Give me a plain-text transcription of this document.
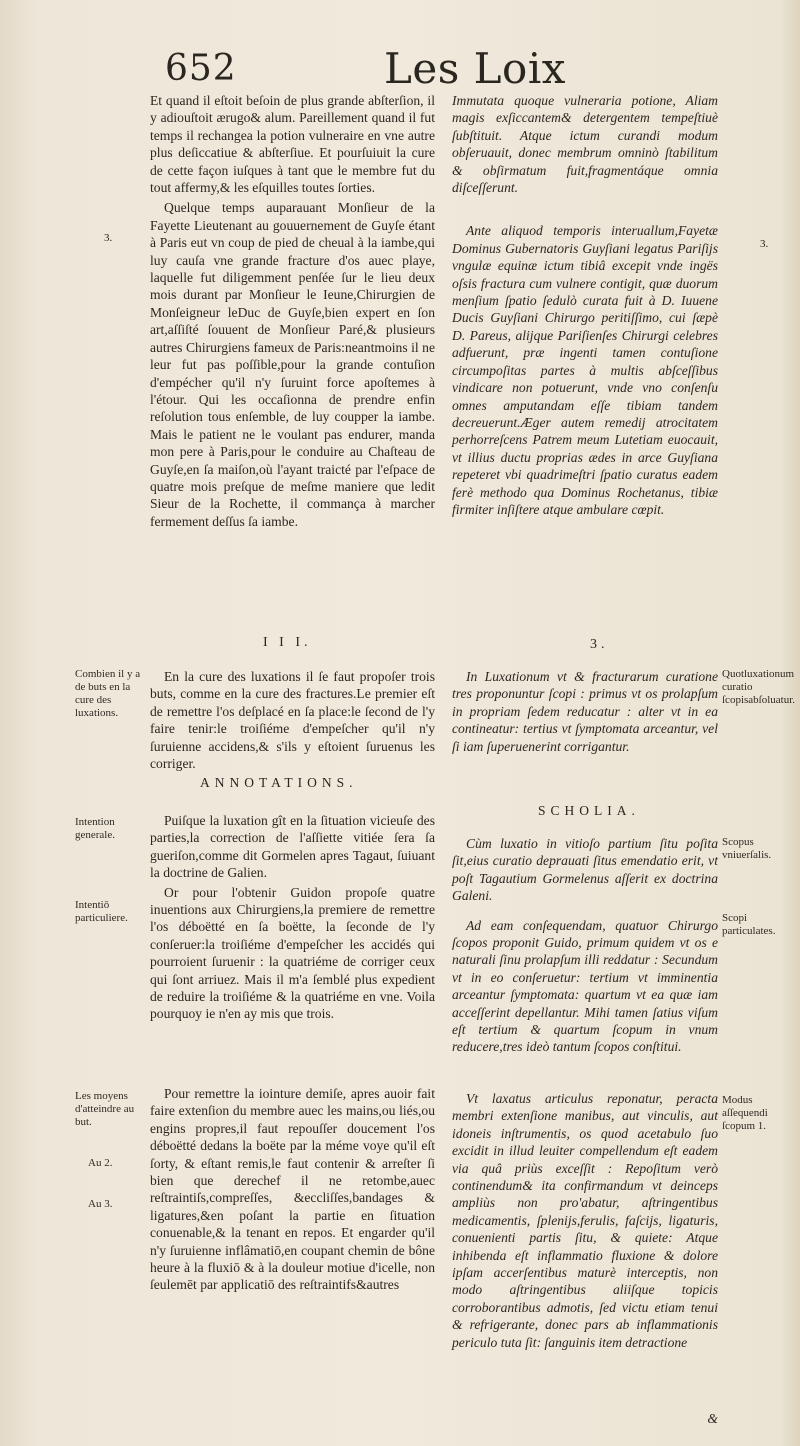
652	Les Loix

Et quand il eſtoit beſoin de plus grande abſterſion, il y adiouſtoit ærugo& alum. Pareillement quand il fut temps il rechangea la potion vulneraire en vne autre plus deſiccatiue & abſterſiue. Et pourſuiuit la cure de cette façon iuſques à tant que le membre fut du tout affermy,& les eſquilles toutes ſorties.

Quelque temps auparauant Monſieur de la Fayette Lieutenant au gouuernement de Guyſe étant à Paris eut vn coup de pied de cheual à la iambe,qui luy cauſa vne grande fracture d'os auec playe, laquelle fut diligemment penſée ſur le lieu deux mois durant par Monſieur le Ieune,Chirurgien de Monſeigneur leDuc de Guyſe,bien expert en ſon art,aſſiſté ſouuent de Monſieur Paré,& plusieurs autres Chirurgiens fameux de Paris:neantmoins il ne leur fut pas poſſible,pour la grande contuſion d'empécher qu'il n'y ſuruint force apoſtemes à l'étour. Qui les occaſionna de prendre enfin reſolution tous enſemble, de luy coupper la iambe. Mais le patient ne le voulant pas endurer, manda mon pere à Paris,pour le conduire au Chaſteau de Guyſe,en ſa maiſon,où l'ayant traicté par l'eſpace de quatre mois preſque de meſme maniere que ledit Sieur de la Rochette, il commança à marcher fermement deſſus ſa iambe.

I I I.

En la cure des luxations il ſe faut propoſer trois buts, comme en la cure des fractures.Le premier eſt de remettre l'os deſplacé en ſa place:le ſecond de l'y faire tenir:le troiſiéme d'empeſcher qu'il n'y ſuruienne accidens,& s'ils y eſtoient ſuruenus les corriger.

ANNOTATIONS.

Puiſque la luxation gît en la ſituation vicieuſe des parties,la correction de l'aſſiette vitiée ſera ſa gueriſon,comme dit Gormelen apres Tagaut, ſuiuant la doctrine de Galien.

Or pour l'obtenir Guidon propoſe quatre inuentions aux Chirurgiens,la premiere de remettre l'os déboëtté en ſa boëtte, la ſeconde de l'y conſeruer:la troiſiéme d'empeſcher les accidés qui pourroient ſuruenir : la quatriéme de corriger ceux qui ſont arriuez. Mais il m'a ſemblé plus expedient de reduire la troiſiéme & la quatriéme en vne. Voila pourquoy ie n'en ay mis que trois.

Pour remettre la iointure demiſe, apres auoir fait faire extenſion du membre auec les mains,ou liés,ou engins propres,il faut repouſſer doucement l'os déboëtté dedans la boëte par la méme voye qu'il eſt ſorty, & eſtant remis,le faut contenir & arreſter ſi bien que derechef il ne retombe,auec reſtraintiſs,compreſſes, &eccliſſes,bandages & ligatures,&en poſant la partie en ſituation conuenable,& la tenant en repos. Et engarder qu'il n'y ſuruienne inflâmatiō,en coupant chemin de bône heure à la fluxiō & à la douleur motiue d'icelle, non ſeulemēt par applicatiō des reſtraintifs&autres

Immutata quoque vulneraria potione, Aliam magis exſiccantem& detergentem tempeſtiuè ſubſtituit. Atque ictum curandi modum obſeruauit, donec membrum omninò ſtabilitum & obſirmatum fuit,fragmentáque omnia diſceſſerunt.

Ante aliquod temporis interuallum,Fayetæ Dominus Gubernatoris Guyſiani legatus Pariſijs vngulæ equinæ ictum tibiâ excepit vnde ingës oſsis fractura cum vulnere contigit, quæ duorum menſium ſpatio ſedulò curata fuit à D. Iuuene Ducis Guyſiani Chirurgo peritiſſimo, cui ſæpè D. Pareus, alijque Pariſienſes Chirurgi celebres adfuerunt, præ ingenti tamen contuſione circumpoſitas partes à multis abſceſſibus vindicare non potuerunt, vnde vno conſenſu omnes amputandam eſſe tibiam tandem decreuerunt.Æger autem remedij atrocitatem perhorreſcens Patrem meum Lutetiam euocauit, vt illius ductu proprias ædes in arce Guyſiana repeteret vbi quadrimeſtri ſpatio curatus eadem ferè methodo qua Dominus Rochetanus, tibiæ firmiter inſiſtere atque ambulare cœpit.

3.

In Luxationum vt & fracturarum curatione tres proponuntur ſcopi : primus vt os prolapſum in propriam ſedem reducatur : alter vt in ea contineatur: tertius vt ſymptomata arceantur, vel ſi iam ſuperuenerint corrigantur.

SCHOLIA.

Cùm luxatio in vitioſo partium ſitu poſita ſit,eius curatio deprauati ſitus emendatio erit, vt poſt Tagautium Gormelenus aſſerit ex doctrina Galeni.

Ad eam conſequendam, quatuor Chirurgo ſcopos proponit Guido, primum quidem vt os e naturali ſinu prolapſum illi reddatur : Secundum vt in eo conſeruetur: tertium vt imminentia arceantur ſymptomata: quartum vt ea quæ iam acceſſerint depellantur. Mihi tamen ſatius viſum eſt tertium & quartum ſcopum in vnum reducere,tres ideò tantum ſcopos conſtitui.

Vt laxatus articulus reponatur, peracta membri extenſione manibus, aut vinculis, aut idoneis inſtrumentis, os quod acetabulo ſuo excidit in illud leuiter compellendum eſt eadem via quâ priùs exceſſit : Repoſitum verò continendum& ita confirmandum vt deinceps ampliùs non pro'abatur, aſtringentibus medicamentis, ſplenijs,ferulis, faſcijs, ligaturis, conuenienti partis ſitu, & quiete: Atque inhibenda eſt inflammatio fluxione & dolore ipſam accerſentibus maturè interceptis, non modo aſtringentibus aliiſque topicis corroborantibus admotis, ſed victu etiam tenui & refrigerante, donec pars ab inflammationis periculo tuta ſit: ſanguinis item detractione

&
3.	3.
Combien il y a de buts en la cure des luxations.
Intention generale.
Intentiō particuliere.
Les moyens d'atteindre au but.
Au 2.
Au 3.
Quotluxationum curatio ſcopisabſoluatur.
Scopus vniuerſalis.
Scopi particulates.
Modus aſſequendi ſcopum 1.
